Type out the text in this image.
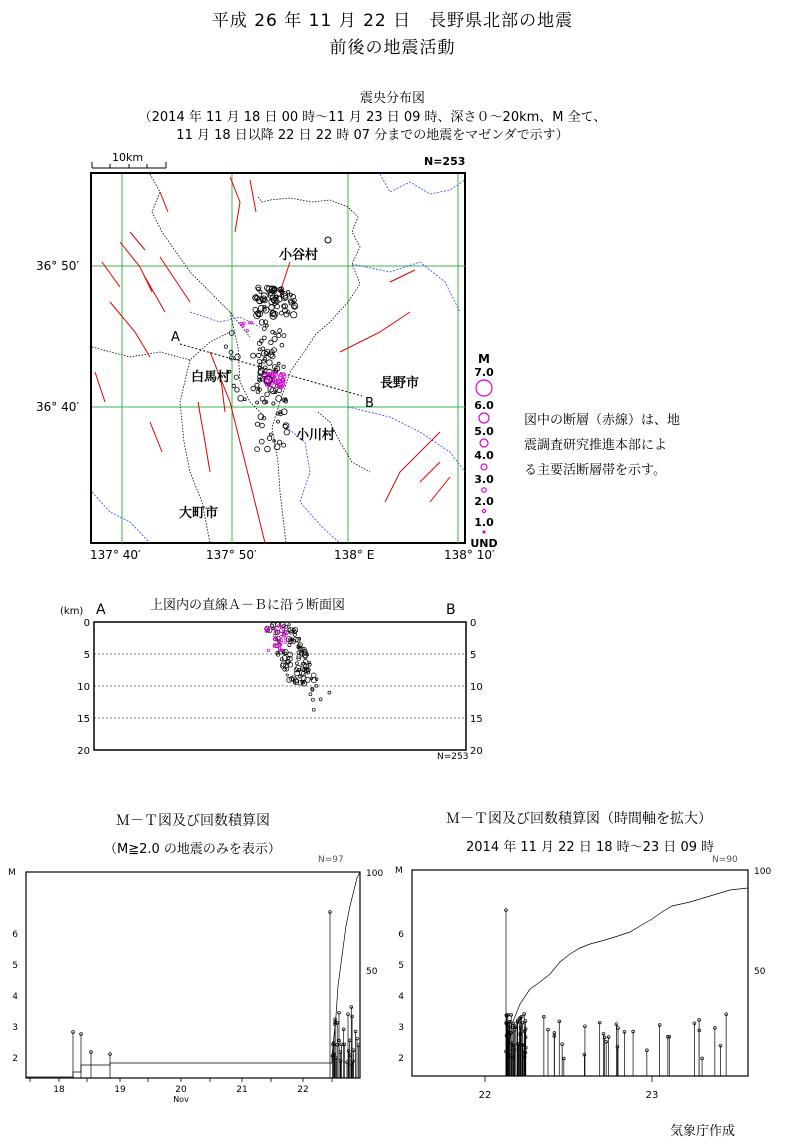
平成 26 年 11 月 22 日　長野県北部の地震
前後の地震活動
震央分布図
（2014 年 11 月 18 日 00 時～11 月 23 日 09 時、深さ０～20km、M 全て、
11 月 18 日以降 22 日 22 時 07 分までの地震をマゼンダで示す）
10km	N=253
小谷村
白馬村	長野市
小川村
大町市
A
B
36° 50′
36° 40′
137° 40′	137° 50′	138° E	138° 10′
M
7.0
6.0
5.0
4.0
3.0
2.0
1.0
UND
図中の断層（赤線）は、地
震調査研究推進本部によ
る主要活断層帯を示す。
上図内の直線Ａ－Ｂに沿う断面図
(km) A	B
0
5
10
15
20
0
5
10
15
20
N=253
Ｍ－Ｔ図及び回数積算図
（M≧2.0 の地震のみを表示）
N=97
M
6
5
4
3
2
100
50
18	19	20	21	22
Nov
Ｍ－Ｔ図及び回数積算図（時間軸を拡大）
2014 年 11 月 22 日 18 時～23 日 09 時
N=90
M
6
5
4
3
2
100
50
22	23
気象庁作成
